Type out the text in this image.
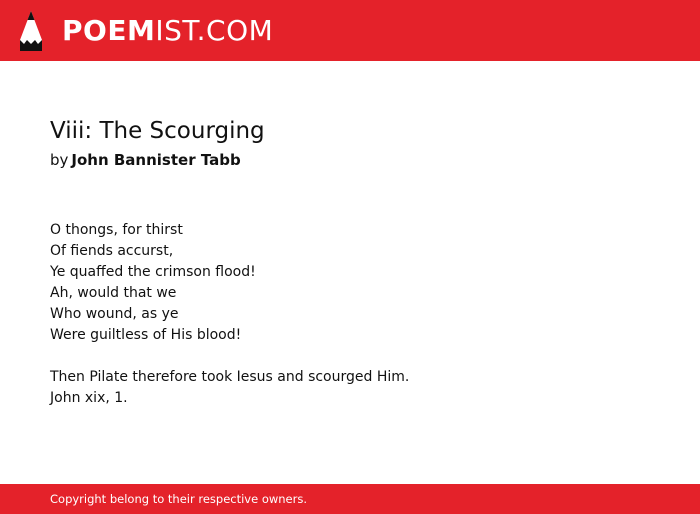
POEMIST.COM
Viii: The Scourging

by John Bannister Tabb

O thongs, for thirst
Of fiends accurst,
Ye quaffed the crimson flood!
Ah, would that we
Who wound, as ye
Were guiltless of His blood!
Then Pilate therefore took Iesus and scourged Him.
John xix, 1.
Copyright belong to their respective owners.
